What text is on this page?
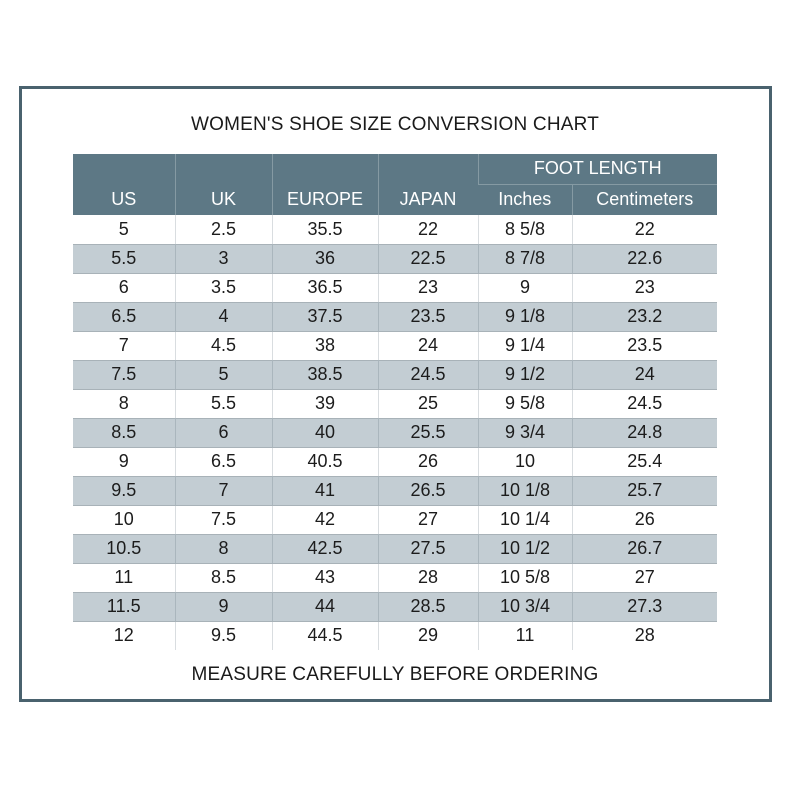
WOMEN'S SHOE SIZE CONVERSION CHART
US	UK	EUROPE	JAPAN	FOOT LENGTH	
				Inches	Centimeters
5	2.5	35.5	22	8 5/8	22
5.5	3	36	22.5	8 7/8	22.6
6	3.5	36.5	23	9	23
6.5	4	37.5	23.5	9 1/8	23.2
7	4.5	38	24	9 1/4	23.5
7.5	5	38.5	24.5	9 1/2	24
8	5.5	39	25	9 5/8	24.5
8.5	6	40	25.5	9 3/4	24.8
9	6.5	40.5	26	10	25.4
9.5	7	41	26.5	10 1/8	25.7
10	7.5	42	27	10 1/4	26
10.5	8	42.5	27.5	10 1/2	26.7
11	8.5	43	28	10 5/8	27
11.5	9	44	28.5	10 3/4	27.3
12	9.5	44.5	29	11	28
MEASURE CAREFULLY BEFORE ORDERING
